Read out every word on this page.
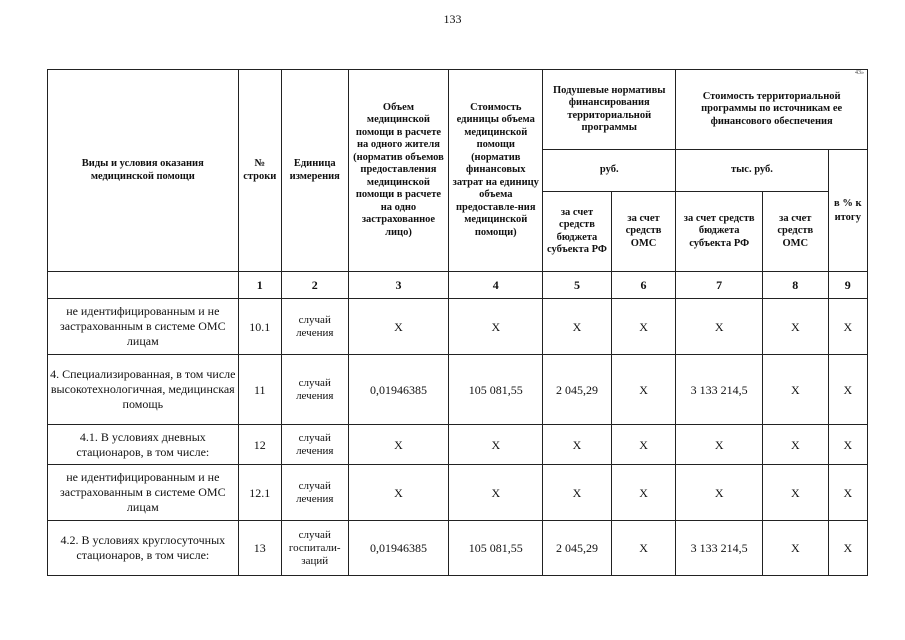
133
43»
Виды и условия оказания медицинской помощи	№ строки	Единица измерения	Объем медицинской помощи в расчете на одного жителя (норматив объемов предоставления медицинской помощи в расчете на одно застрахованное лицо)	Стоимость единицы объема медицинской помощи (норматив финансовых затрат на единицу объема предоставле-ния медицинской помощи)	Подушевые нормативы финансирования территориальной программы		Стоимость территориальной программы по источникам ее финансового обеспечения		
					руб.		тыс. руб.		в % к итогу
					за счет средств бюджета субъекта РФ	за счет средств ОМС	за счет средств бюджета субъекта РФ	за счет средств ОМС	
	1	2	3	4	5	6	7	8	9
не идентифицированным и не застрахованным в системе ОМС лицам	10.1	случай лечения	Х	Х	Х	Х	Х	Х	Х
4. Специализированная, в том числе высокотехнологичная, медицинская помощь	11	случай лечения	0,01946385	105 081,55	2 045,29	Х	3 133 214,5	Х	Х
4.1. В условиях дневных стационаров, в том числе:	12	случай лечения	Х	Х	Х	Х	Х	Х	Х
не идентифицированным и не застрахованным в системе ОМС лицам	12.1	случай лечения	Х	Х	Х	Х	Х	Х	Х
4.2. В условиях круглосуточных стационаров, в том числе:	13	случай госпитали-заций	0,01946385	105 081,55	2 045,29	Х	3 133 214,5	Х	Х
